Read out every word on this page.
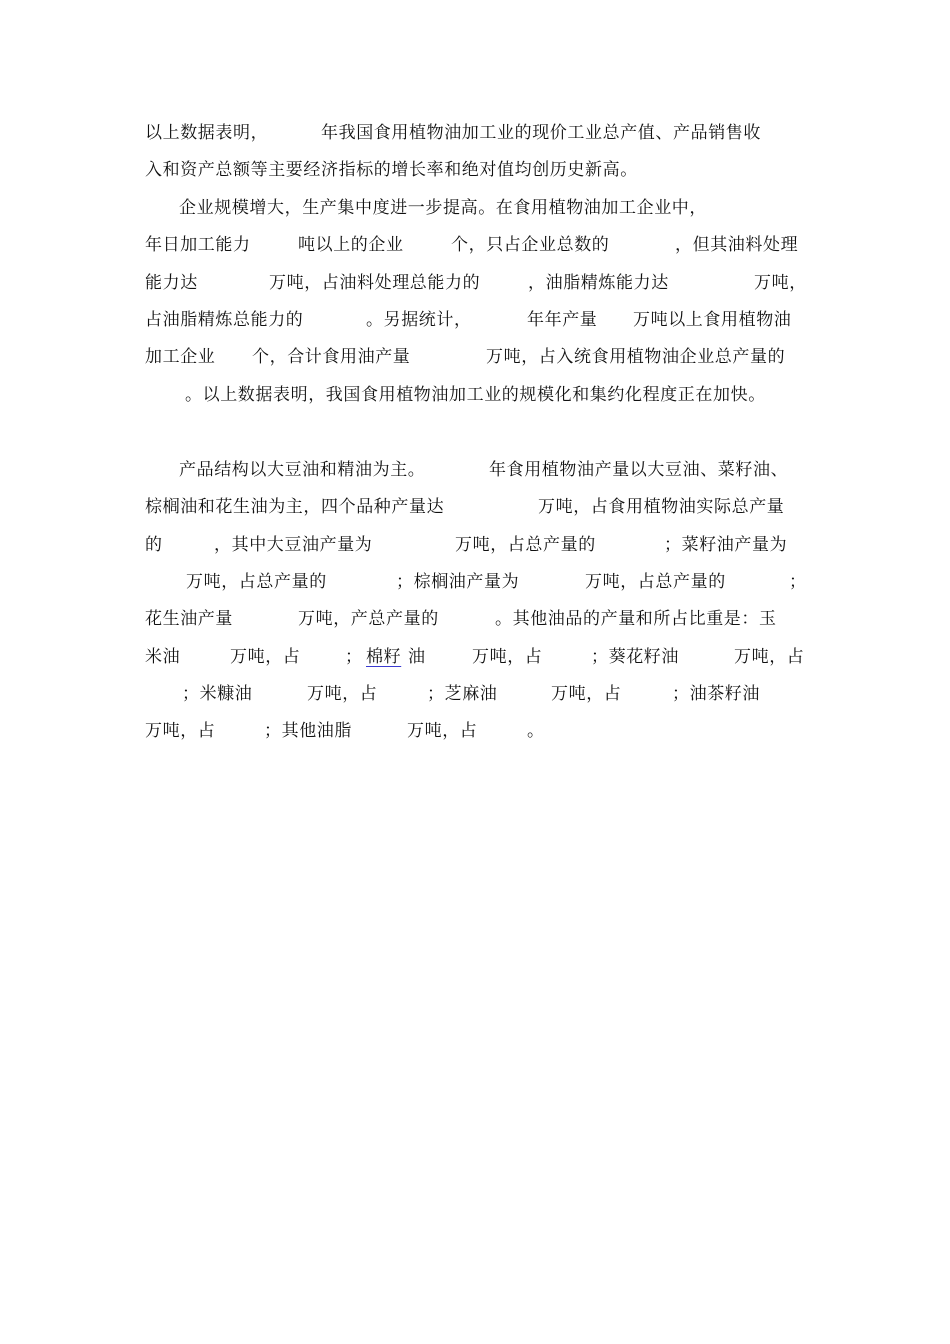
以上数据表明，	年我国食用植物油加工业的现价工业总产值、产品销售收
入和资产总额等主要经济指标的增长率和绝对值均创历史新高。
企业规模增大，生产集中度进一步提高。在食用植物油加工企业中，
年日加工能力	吨以上的企业	个，只占企业总数的	，但其油料处理
能力达	万吨，占油料处理总能力的	，油脂精炼能力达	万吨，
占油脂精炼总能力的	。另据统计，	年年产量 万吨以上食用植物油
加工企业 个，合计食用油产量	万吨，占入统食用植物油企业总产量的
。以上数据表明，我国食用植物油加工业的规模化和集约化程度正在加快。
产品结构以大豆油和精油为主。	年食用植物油产量以大豆油、菜籽油、
棕榈油和花生油为主，四个品种产量达	万吨，占食用植物油实际总产量
的	，其中大豆油产量为	万吨，占总产量的	；菜籽油产量为
万吨，占总产量的	；棕榈油产量为	万吨，占总产量的	；
花生油产量	万吨，产总产量的	。其他油品的产量和所占比重是：玉
米油	万吨，占	； 棉籽 油	万吨，占	；葵花籽油	万吨，占
；米糠油	万吨，占	；芝麻油	万吨，占	；油茶籽油
万吨，占	；其他油脂	万吨，占	。
